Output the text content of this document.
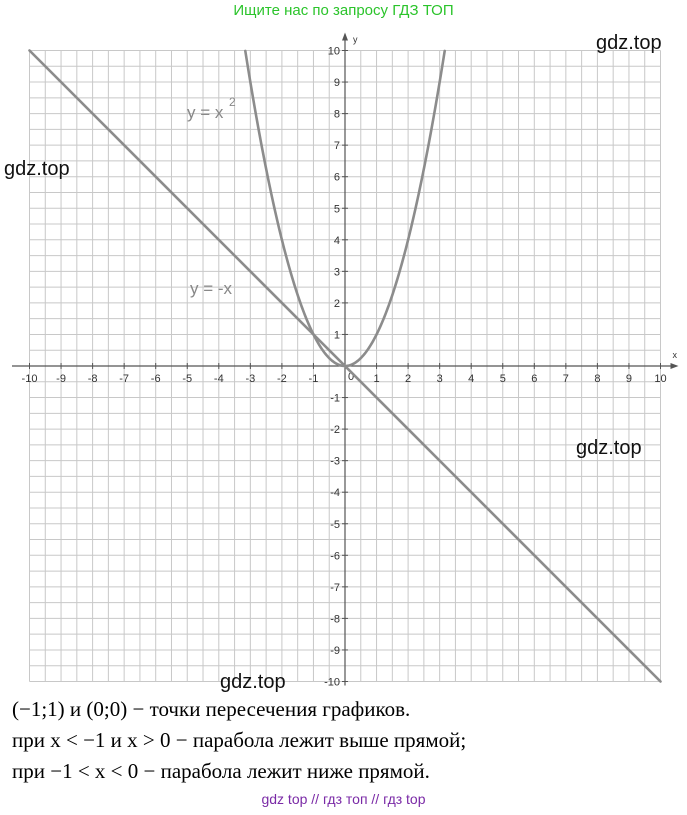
Ищите нас по запросу ГДЗ ТОП
x
y
-10 -9 -8 -7 -6 -5 -4 -3 -2 -1	1 2 3 4 5 6 7 8 9 10
-10
-9
-8
-7
-6
-5
-4
-3
-2
-1
1
2
3
4
5
6
7
8
9
10
0
y = x
2
y = -x
gdz.top
gdz.top
gdz.top
gdz.top
(−1;1) и (0;0) − точки пересечения графиков.
при x < −1 и x > 0 − парабола лежит выше прямой;
при −1 < x < 0 − парабола лежит ниже прямой.
gdz top // гдз топ // гдз top
